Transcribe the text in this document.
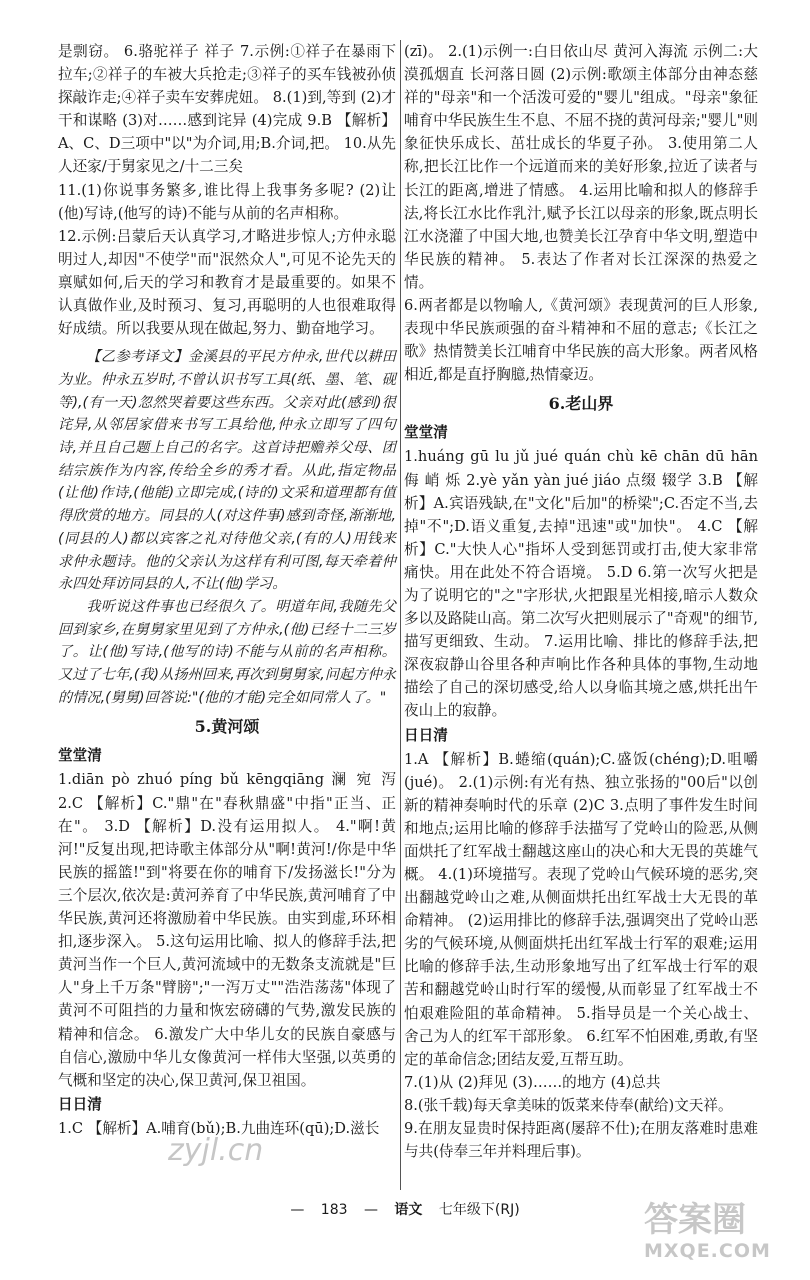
是剽窃。 6.骆驼祥子 祥子 7.示例:①祥子在暴雨下拉车;②祥子的车被大兵抢走;③祥子的买车钱被孙侦探敲诈走;④祥子卖车安葬虎妞。 8.(1)到,等到 (2)才干和谋略 (3)对……感到诧异 (4)完成 9.B 【解析】A、C、D三项中"以"为介词,用;B.介词,把。 10.从先人还家/于舅家见之/十二三矣

11.(1)你说事务繁多,谁比得上我事务多呢? (2)让(他)写诗,(他写的诗)不能与从前的名声相称。

12.示例:吕蒙后天认真学习,才略进步惊人;方仲永聪明过人,却因"不使学"而"泯然众人",可见不论先天的禀赋如何,后天的学习和教育才是最重要的。如果不认真做作业,及时预习、复习,再聪明的人也很难取得好成绩。所以我要从现在做起,努力、勤奋地学习。

【乙参考译文】金溪县的平民方仲永,世代以耕田为业。仲永五岁时,不曾认识书写工具(纸、墨、笔、砚等),(有一天)忽然哭着要这些东西。父亲对此(感到)很诧异,从邻居家借来书写工具给他,仲永立即写了四句诗,并且自己题上自己的名字。这首诗把赡养父母、团结宗族作为内容,传给全乡的秀才看。从此,指定物品(让他)作诗,(他能)立即完成,(诗的)文采和道理都有值得欣赏的地方。同县的人(对这件事)感到奇怪,渐渐地,(同县的人)都以宾客之礼对待他父亲,(有的人)用钱来求仲永题诗。他的父亲认为这样有利可图,每天牵着仲永四处拜访同县的人,不让(他)学习。

我听说这件事也已经很久了。明道年间,我随先父回到家乡,在舅舅家里见到了方仲永,(他)已经十二三岁了。让(他)写诗,(他写的诗)不能与从前的名声相称。又过了七年,(我)从扬州回来,再次到舅舅家,问起方仲永的情况,(舅舅)回答说:"(他的才能)完全如同常人了。"

5.黄河颂
堂堂清

1.diān pò zhuó píng bǔ kēngqiāng 澜 宛 泻 2.C 【解析】C."鼎"在"春秋鼎盛"中指"正当、正在"。 3.D 【解析】D.没有运用拟人。 4."啊!黄河!"反复出现,把诗歌主体部分从"啊!黄河!/你是中华民族的摇篮!"到"将要在你的哺育下/发扬滋长!"分为三个层次,依次是:黄河养育了中华民族,黄河哺育了中华民族,黄河还将激励着中华民族。由实到虚,环环相扣,逐步深入。 5.这句运用比喻、拟人的修辞手法,把黄河当作一个巨人,黄河流域中的无数条支流就是"巨人"身上千万条"臂膀";"一泻万丈""浩浩荡荡"体现了黄河不可阻挡的力量和恢宏磅礴的气势,激发民族的精神和信念。 6.激发广大中华儿女的民族自豪感与自信心,激励中华儿女像黄河一样伟大坚强,以英勇的气概和坚定的决心,保卫黄河,保卫祖国。

日日清

1.C 【解析】A.哺育(bǔ);B.九曲连环(qū);D.滋长

(zī)。 2.(1)示例一:白日依山尽 黄河入海流 示例二:大漠孤烟直 长河落日圆 (2)示例:歌颂主体部分由神态慈祥的"母亲"和一个活泼可爱的"婴儿"组成。"母亲"象征哺育中华民族生生不息、不屈不挠的黄河母亲;"婴儿"则象征快乐成长、茁壮成长的华夏子孙。 3.使用第二人称,把长江比作一个远道而来的美好形象,拉近了读者与长江的距离,增进了情感。 4.运用比喻和拟人的修辞手法,将长江水比作乳汁,赋予长江以母亲的形象,既点明长江水浇灌了中国大地,也赞美长江孕育中华文明,塑造中华民族的精神。 5.表达了作者对长江深深的热爱之情。

6.两者都是以物喻人,《黄河颂》表现黄河的巨人形象,表现中华民族顽强的奋斗精神和不屈的意志;《长江之歌》热情赞美长江哺育中华民族的高大形象。两者风格相近,都是直抒胸臆,热情豪迈。

6.老山界
堂堂清

1.huáng gū lu jǔ jué quán chù kē chān dū hān 侮 峭 烁 2.yè yǎn yàn jué jiáo 点缀 辍学 3.B 【解析】A.宾语残缺,在"文化"后加"的桥梁";C.否定不当,去掉"不";D.语义重复,去掉"迅速"或"加快"。 4.C 【解析】C."大快人心"指坏人受到惩罚或打击,使大家非常痛快。用在此处不符合语境。 5.D 6.第一次写火把是为了说明它的"之"字形状,火把跟星光相接,暗示人数众多以及路陡山高。第二次写火把则展示了"奇观"的细节,描写更细致、生动。 7.运用比喻、排比的修辞手法,把深夜寂静山谷里各种声响比作各种具体的事物,生动地描绘了自己的深切感受,给人以身临其境之感,烘托出午夜山上的寂静。

日日清

1.A 【解析】B.蜷缩(quán);C.盛饭(chéng);D.咀嚼(jué)。 2.(1)示例:有光有热、独立张扬的"00后"以创新的精神奏响时代的乐章 (2)C 3.点明了事件发生时间和地点;运用比喻的修辞手法描写了党岭山的险恶,从侧面烘托了红军战士翻越这座山的决心和大无畏的英雄气概。 4.(1)环境描写。表现了党岭山气候环境的恶劣,突出翻越党岭山之难,从侧面烘托出红军战士大无畏的革命精神。 (2)运用排比的修辞手法,强调突出了党岭山恶劣的气候环境,从侧面烘托出红军战士行军的艰难;运用比喻的修辞手法,生动形象地写出了红军战士行军的艰苦和翻越党岭山时行军的缓慢,从而彰显了红军战士不怕艰难险阻的革命精神。 5.指导员是一个关心战士、舍己为人的红军干部形象。 6.红军不怕困难,勇敢,有坚定的革命信念;团结友爱,互帮互助。

7.(1)从 (2)拜见 (3)……的地方 (4)总共

8.(张千载)每天拿美味的饭菜来侍奉(献给)文天祥。

9.在朋友显贵时保持距离(屡辞不仕);在朋友落难时患难与共(侍奉三年并料理后事)。

— 183 — 语文 七年级下(RJ)
zyjl.cn
答案圈
MXQE.COM
